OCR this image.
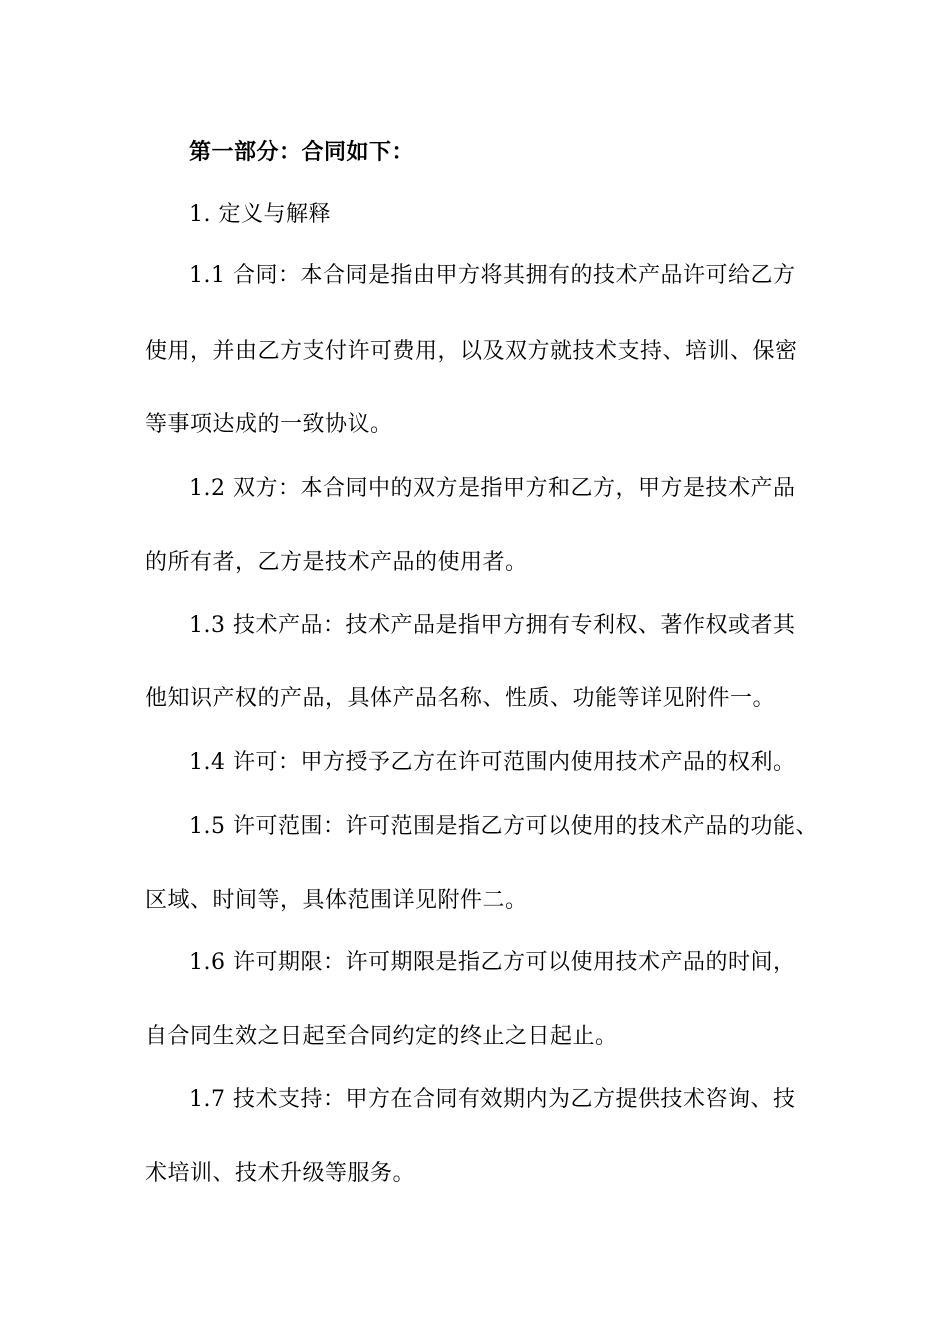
第一部分：合同如下：
1. 定义与解释
1.1 合同：本合同是指由甲方将其拥有的技术产品许可给乙方
使用，并由乙方支付许可费用，以及双方就技术支持、培训、保密
等事项达成的一致协议。
1.2 双方：本合同中的双方是指甲方和乙方，甲方是技术产品
的所有者，乙方是技术产品的使用者。
1.3 技术产品：技术产品是指甲方拥有专利权、著作权或者其
他知识产权的产品，具体产品名称、性质、功能等详见附件一。
1.4 许可：甲方授予乙方在许可范围内使用技术产品的权利。
1.5 许可范围：许可范围是指乙方可以使用的技术产品的功能、
区域、时间等，具体范围详见附件二。
1.6 许可期限：许可期限是指乙方可以使用技术产品的时间，
自合同生效之日起至合同约定的终止之日起止。
1.7 技术支持：甲方在合同有效期内为乙方提供技术咨询、技
术培训、技术升级等服务。
